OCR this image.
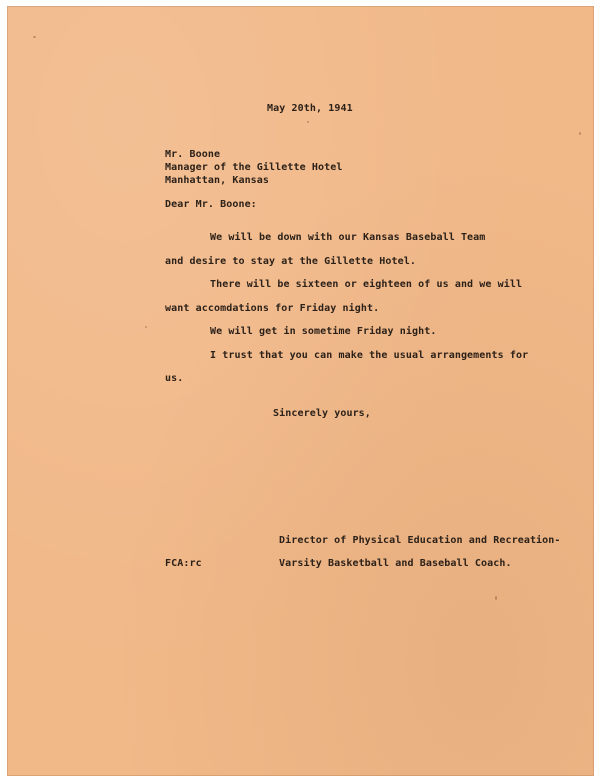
May 20th, 1941
Mr. Boone
Manager of the Gillette Hotel
Manhattan, Kansas
Dear Mr. Boone:
We will be down with our Kansas Baseball Team
and desire to stay at the Gillette Hotel.
There will be sixteen or eighteen of us and we will
want accomdations for Friday night.
We will get in sometime Friday night.
I trust that you can make the usual arrangements for
us.
Sincerely yours,
Director of Physical Education and Recreation-
Varsity Basketball and Baseball Coach.
FCA:rc
